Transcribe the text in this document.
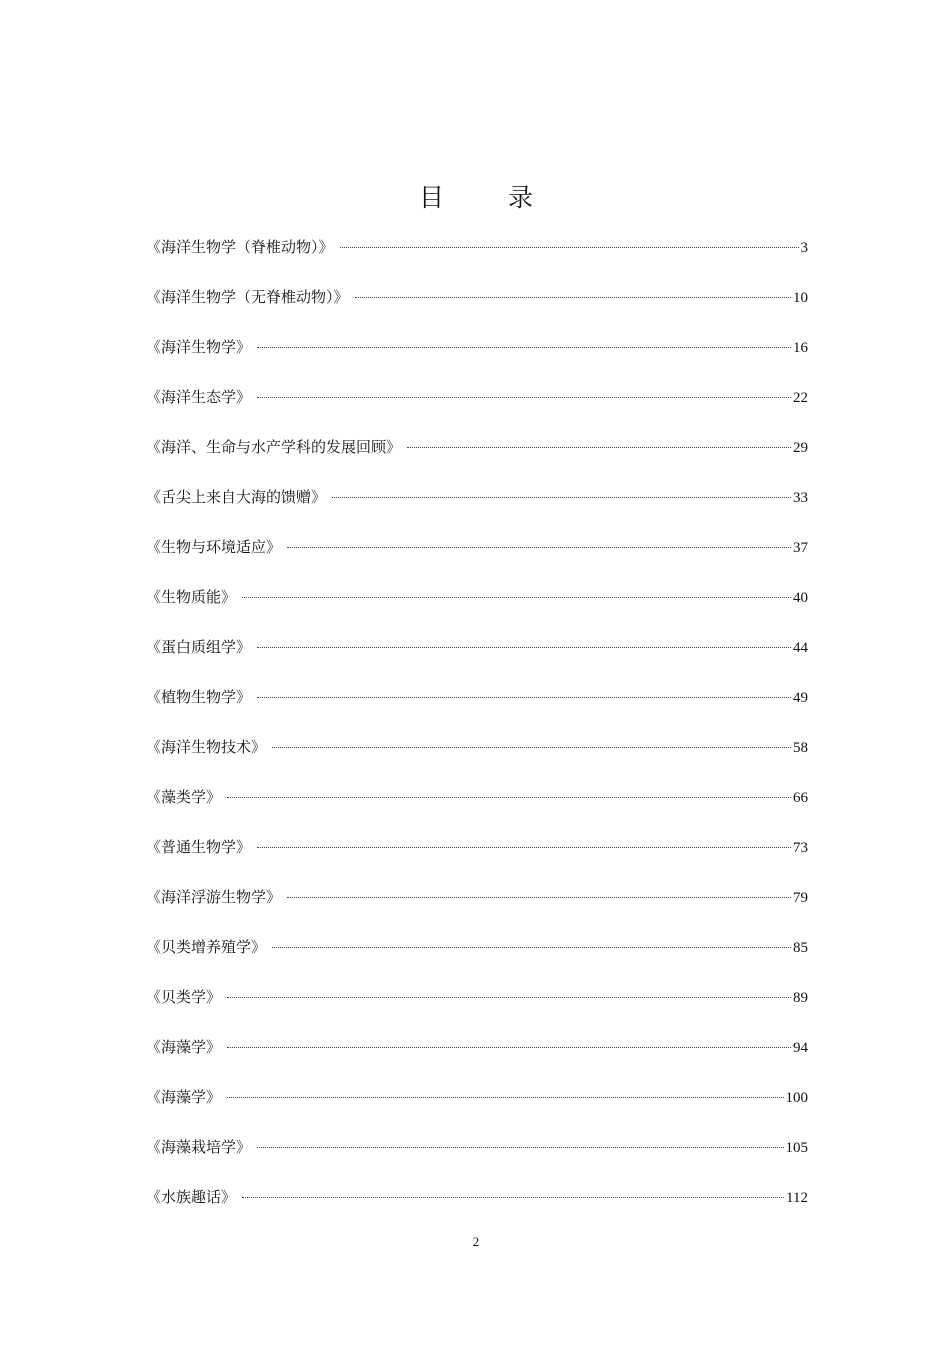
目 录
《海洋生物学（脊椎动物）》	3
《海洋生物学（无脊椎动物）》	10
《海洋生物学》	16
《海洋生态学》	22
《海洋、生命与水产学科的发展回顾》	29
《舌尖上来自大海的馈赠》	33
《生物与环境适应》	37
《生物质能》	40
《蛋白质组学》	44
《植物生物学》	49
《海洋生物技术》	58
《藻类学》	66
《普通生物学》	73
《海洋浮游生物学》	79
《贝类增养殖学》	85
《贝类学》	89
《海藻学》	94
《海藻学》	100
《海藻栽培学》	105
《水族趣话》	112
2
